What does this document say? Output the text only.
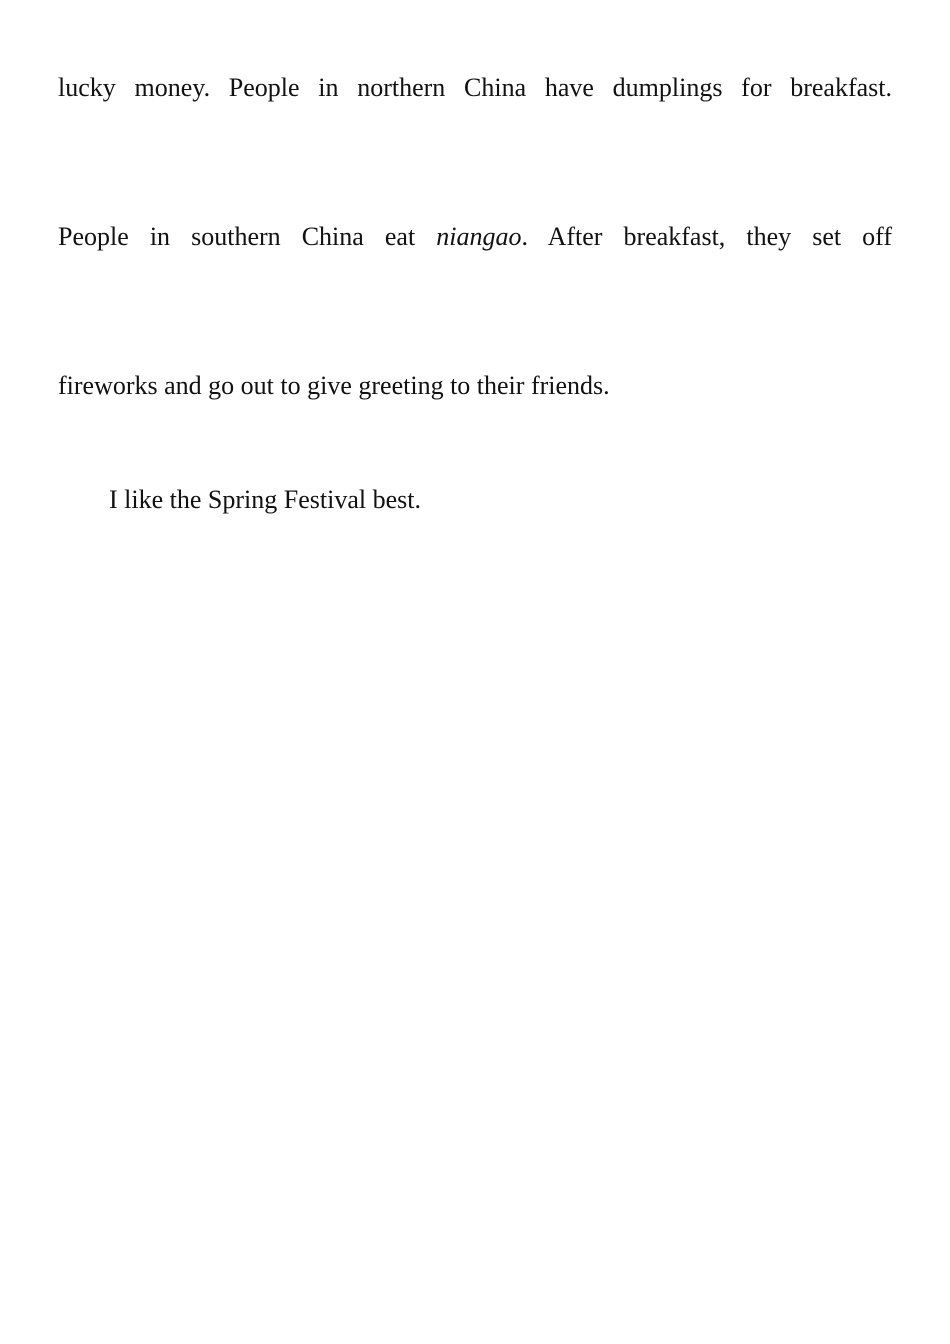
lucky money. People in northern China have dumplings for breakfast.
People in southern China eat niangao. After breakfast, they set off
fireworks and go out to give greeting to their friends.
I like the Spring Festival best.
